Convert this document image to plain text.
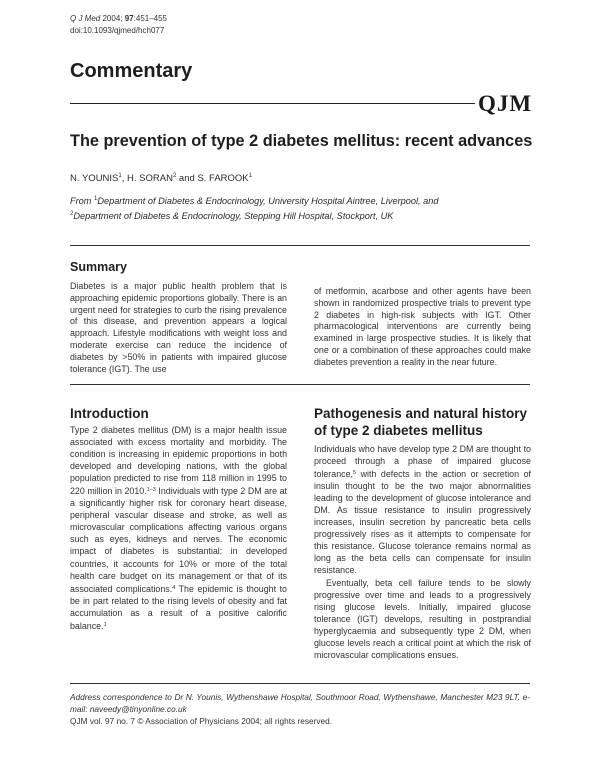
Q J Med 2004; 97:451–455
doi:10.1093/qjmed/hch077
Commentary
QJM
The prevention of type 2 diabetes mellitus: recent advances
N. YOUNIS$^1$, H. SORAN$^2$ and S. FAROOK$^1$
From $^1$Department of Diabetes & Endocrinology, University Hospital Aintree, Liverpool, and
$^2$Department of Diabetes & Endocrinology, Stepping Hill Hospital, Stockport, UK
Summary

Diabetes is a major public health problem that is approaching epidemic proportions globally. There is an urgent need for strategies to curb the rising prevalence of this disease, and prevention appears a logical approach. Lifestyle modifications with weight loss and moderate exercise can reduce the incidence of diabetes by >50% in patients with impaired glucose tolerance (IGT). The use

of metformin, acarbose and other agents have been shown in randomized prospective trials to prevent type 2 diabetes in high-risk subjects with IGT. Other pharmacological interventions are currently being examined in large prospective studies. It is likely that one or a combination of these approaches could make diabetes prevention a reality in the near future.

Introduction

Type 2 diabetes mellitus (DM) is a major health issue associated with excess mortality and morbidity. The condition is increasing in epidemic proportions in both developed and developing nations, with the global population predicted to rise from 118 million in 1995 to 220 million in 2010.$^{1-3}$ Individuals with type 2 DM are at a significantly higher risk for coronary heart disease, peripheral vascular disease and stroke, as well as microvascular complications affecting various organs such as eyes, kidneys and nerves. The economic impact of diabetes is substantial: in developed countries, it accounts for 10% or more of the total health care budget on its management or that of its associated complications.$^4$ The epidemic is thought to be in part related to the rising levels of obesity and fat accumulation as a result of a positive calorific balance.$^1$

Pathogenesis and natural history of type 2 diabetes mellitus

Individuals who have develop type 2 DM are thought to proceed through a phase of impaired glucose tolerance,$^5$ with defects in the action or secretion of insulin thought to be the two major abnormalities leading to the development of glucose intolerance and DM. As tissue resistance to insulin progressively increases, insulin secretion by pancreatic beta cells progressively rises as it attempts to compensate for this resistance. Glucose tolerance remains normal as long as the beta cells can compensate for insulin resistance.

Eventually, beta cell failure tends to be slowly progressive over time and leads to a progressively rising glucose levels. Initially, impaired glucose tolerance (IGT) develops, resulting in postprandial hyperglycaemia and subsequently type 2 DM, when glucose levels reach a critical point at which the risk of microvascular complications ensues.

Address correspondence to Dr N. Younis, Wythenshawe Hospital, Southmoor Road, Wythenshawe, Manchester M23 9LT. e-mail: naveedy@tinyonline.co.uk
QJM vol. 97 no. 7 © Association of Physicians 2004; all rights reserved.
